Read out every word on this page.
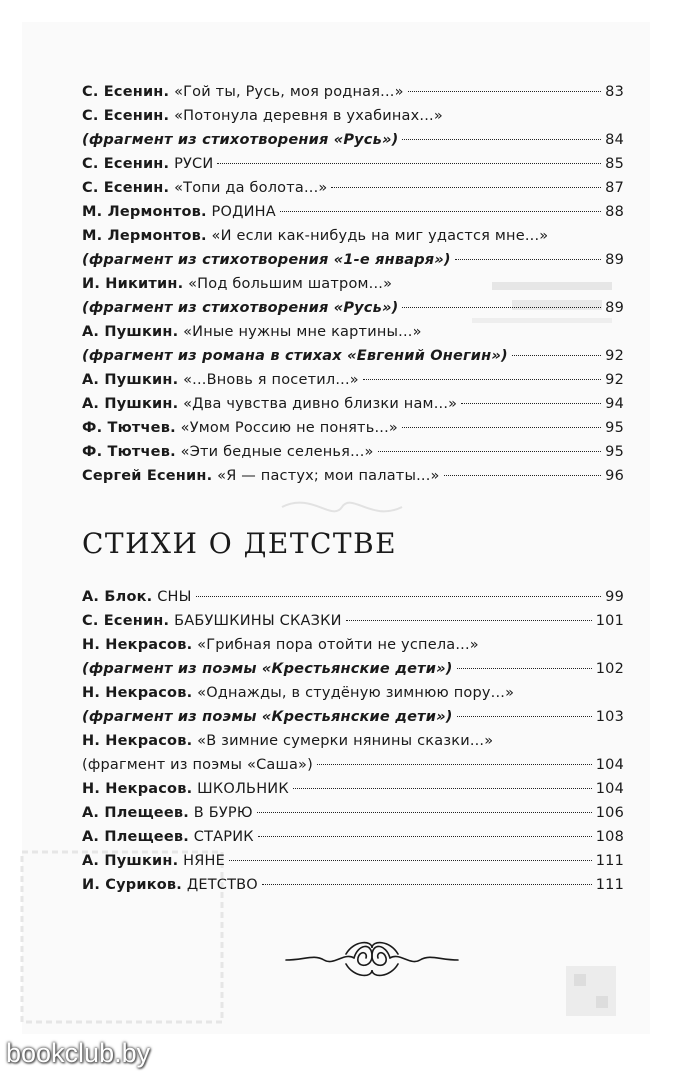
С. Есенин. «Гой ты, Русь, моя родная...»	83
С. Есенин. «Потонула деревня в ухабинах...»
(фрагмент из стихотворения «Русь»)	84
С. Есенин. РУСИ	85
С. Есенин. «Топи да болота...»	87
М. Лермонтов. РОДИНА	88
М. Лермонтов. «И если как-нибудь на миг удастся мне...»
(фрагмент из стихотворения «1-е января»)	89
И. Никитин. «Под большим шатром...»
(фрагмент из стихотворения «Русь»)	89
А. Пушкин. «Иные нужны мне картины...»
(фрагмент из романа в стихах «Евгений Онегин»)	92
А. Пушкин. «...Вновь я посетил...»	92
А. Пушкин. «Два чувства дивно близки нам...»	94
Ф. Тютчев. «Умом Россию не понять...»	95
Ф. Тютчев. «Эти бедные селенья...»	95
Сергей Есенин. «Я — пастух; мои палаты...»	96
СТИХИ О ДЕТСТВЕ
А. Блок. СНЫ	99
С. Есенин. БАБУШКИНЫ СКАЗКИ	101
Н. Некрасов. «Грибная пора отойти не успела...»
(фрагмент из поэмы «Крестьянские дети»)	102
Н. Некрасов. «Однажды, в студёную зимнюю пору...»
(фрагмент из поэмы «Крестьянские дети»)	103
Н. Некрасов. «В зимние сумерки нянины сказки...»
(фрагмент из поэмы «Саша»)	104
Н. Некрасов. ШКОЛЬНИК	104
А. Плещеев. В БУРЮ	106
А. Плещеев. СТАРИК	108
А. Пушкин. НЯНЕ	111
И. Суриков. ДЕТСТВО	111
bookclub.by
